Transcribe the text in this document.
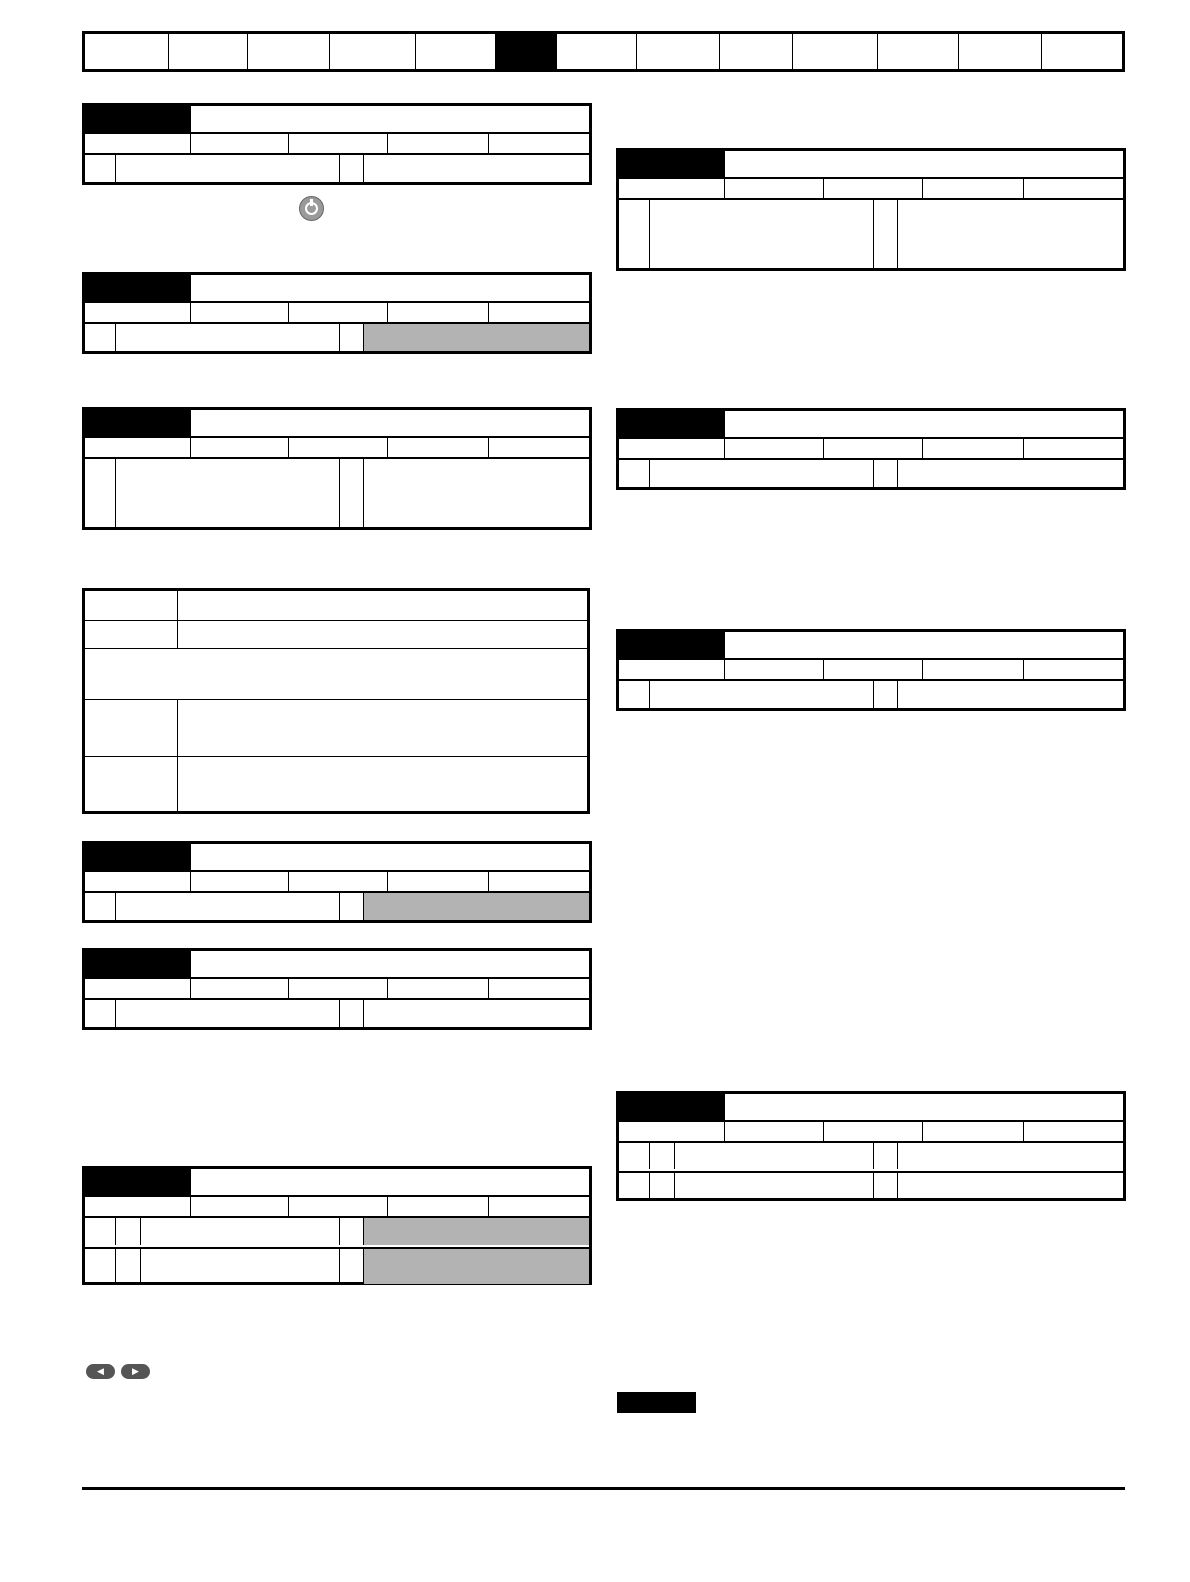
◀	▶
